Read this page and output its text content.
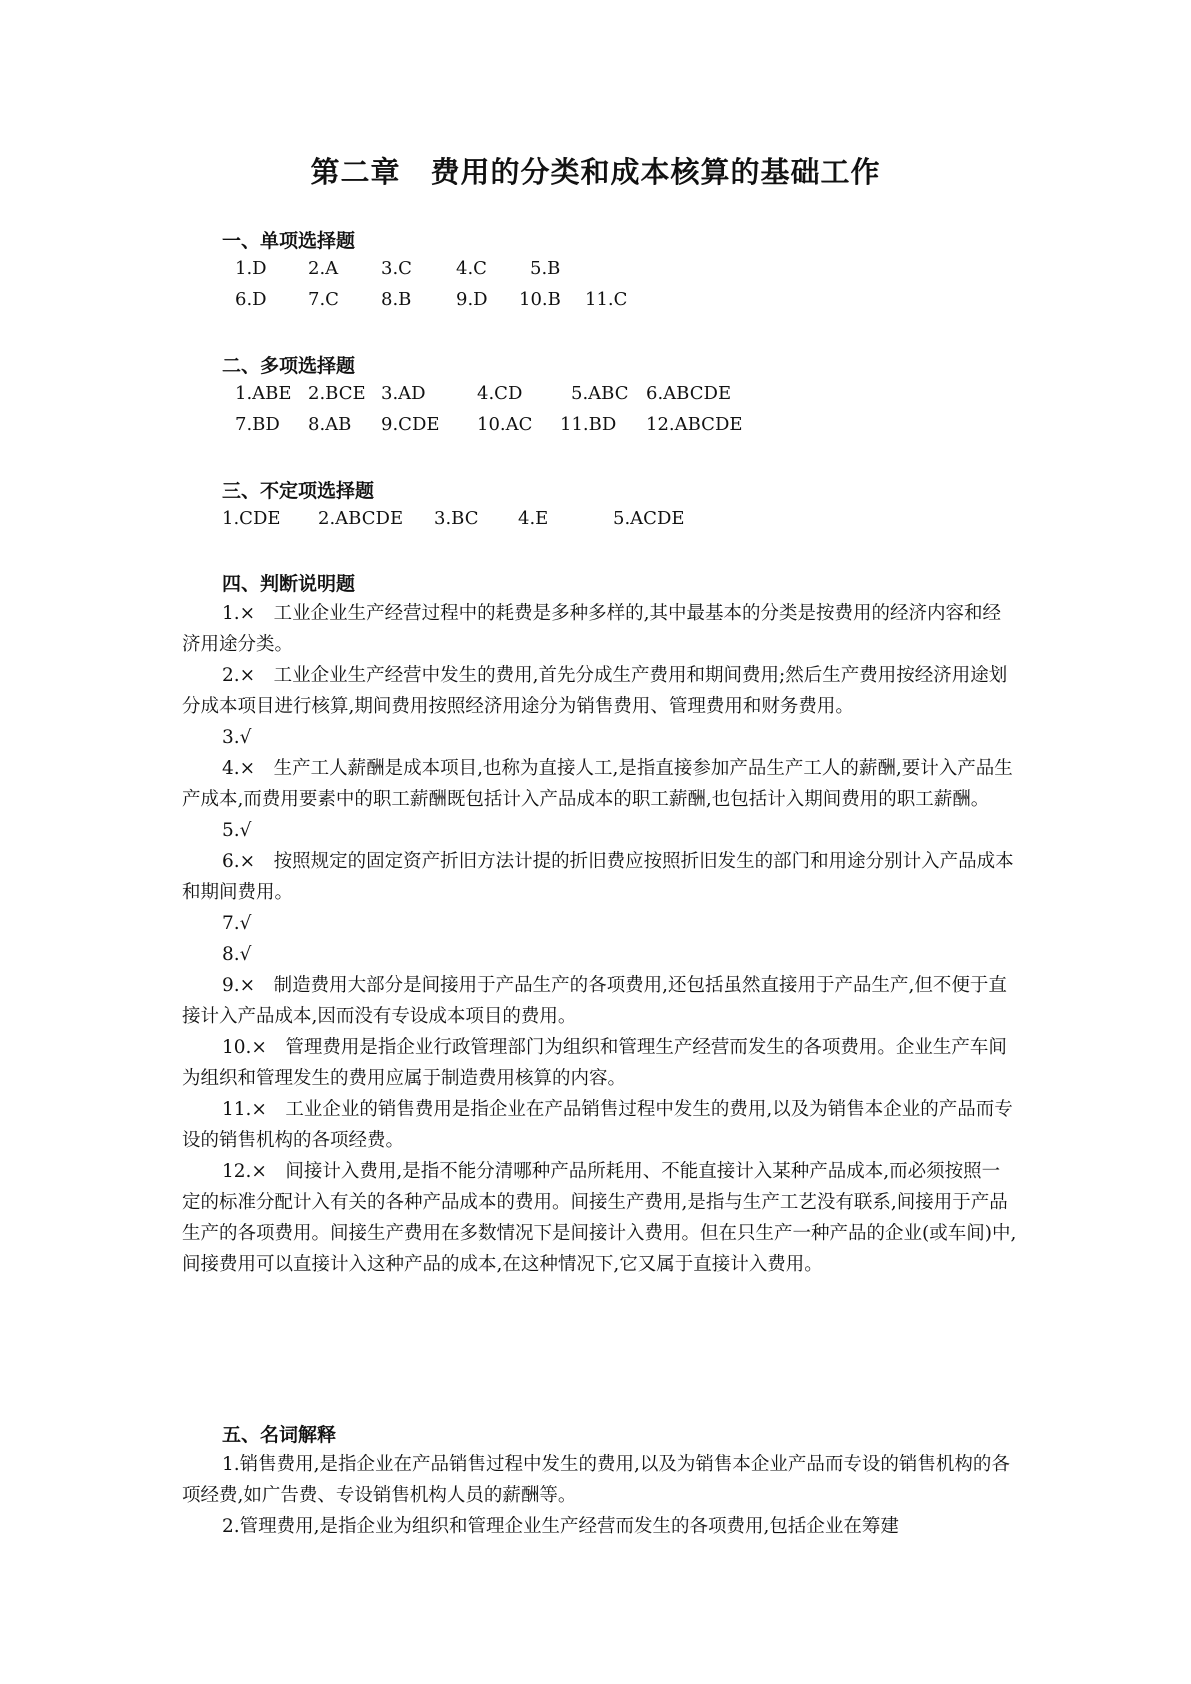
第二章　费用的分类和成本核算的基础工作
一、单项选择题
1.D 2.A 3.C 4.C 5.B
6.D 7.C 8.B 9.D 10.B 11.C
二、多项选择题
1.ABE 2.BCE 3.AD	4.CD	5.ABC 6.ABCDE
7.BD 8.AB 9.CDE 10.AC 11.BD 12.ABCDE
三、不定项选择题
1.CDE 2.ABCDE 3.BC 4.E	5.ACDE
四、判断说明题

1.×　工业企业生产经营过程中的耗费是多种多样的,其中最基本的分类是按费用的经济内容和经济用途分类。

2.×　工业企业生产经营中发生的费用,首先分成生产费用和期间费用;然后生产费用按经济用途划分成本项目进行核算,期间费用按照经济用途分为销售费用、管理费用和财务费用。

3.√

4.×　生产工人薪酬是成本项目,也称为直接人工,是指直接参加产品生产工人的薪酬,要计入产品生产成本,而费用要素中的职工薪酬既包括计入产品成本的职工薪酬,也包括计入期间费用的职工薪酬。

5.√

6.×　按照规定的固定资产折旧方法计提的折旧费应按照折旧发生的部门和用途分别计入产品成本和期间费用。

7.√

8.√

9.×　制造费用大部分是间接用于产品生产的各项费用,还包括虽然直接用于产品生产,但不便于直接计入产品成本,因而没有专设成本项目的费用。

10.×　管理费用是指企业行政管理部门为组织和管理生产经营而发生的各项费用。企业生产车间为组织和管理发生的费用应属于制造费用核算的内容。

11.×　工业企业的销售费用是指企业在产品销售过程中发生的费用,以及为销售本企业的产品而专设的销售机构的各项经费。

12.×　间接计入费用,是指不能分清哪种产品所耗用、不能直接计入某种产品成本,而必须按照一定的标准分配计入有关的各种产品成本的费用。间接生产费用,是指与生产工艺没有联系,间接用于产品生产的各项费用。间接生产费用在多数情况下是间接计入费用。但在只生产一种产品的企业(或车间)中,间接费用可以直接计入这种产品的成本,在这种情况下,它又属于直接计入费用。

五、名词解释

1.销售费用,是指企业在产品销售过程中发生的费用,以及为销售本企业产品而专设的销售机构的各项经费,如广告费、专设销售机构人员的薪酬等。

2.管理费用,是指企业为组织和管理企业生产经营而发生的各项费用,包括企业在筹建
